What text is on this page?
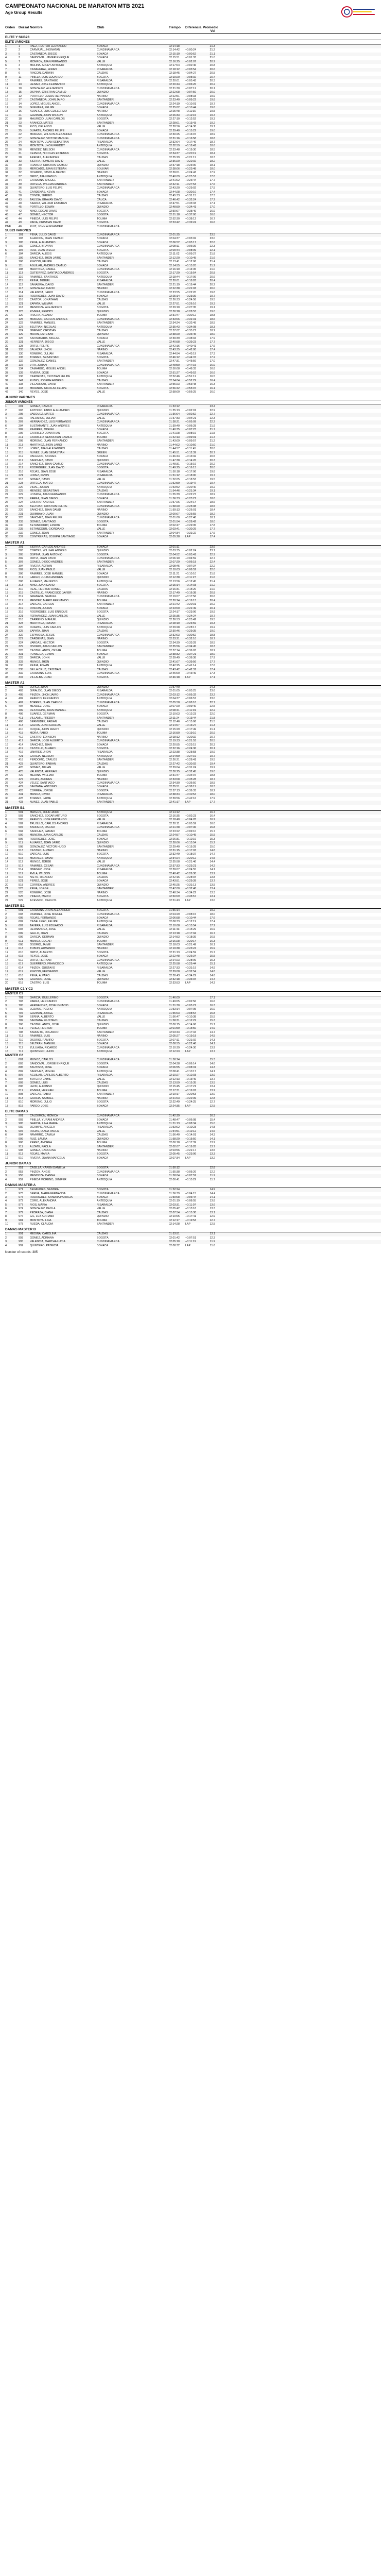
CAMPEONATO NACIONAL DE MARATON MTB 2021
Age Group Results
Orden	Dorsal Nombre	Club	Tiempo	Diferencia Promedio Vel
ELITE Y SUB23
ELITE VARONES
1	1	PAEZ, HECTOR LEONARDO	BOYACA	02:14:18	21.3
2	2	CARVAJAL, JHONATAN	CUNDINAMARCA	02:14:42	+0:00:24	21.2
3	5	CASTAÑEDA, DIEGO	BOYACA	02:15:10	+0:00:52	21.1
4	3	SANDOVAL, JAVIER ENRIQUE	BOYACA	02:15:51	+0:01:33	21.0
5	7	MONROY, JUAN FERNANDO	VALLE	02:16:25	+0:02:07	20.9
6	4	MOLINA, ARLEY ANTONIO	ANTIOQUIA	02:17:04	+0:02:46	20.8
7	9	CAÑAVERAL, HIRAN	RISARALDA	02:18:12	+0:03:54	20.6
8	6	RINCON, DARWIN	CALDAS	02:18:45	+0:04:27	20.5
9	11	PINILLA, LUIS EDUARDO	BOGOTA	02:19:20	+0:05:02	20.4
10	8	RAMIREZ, SANTIAGO	RISARALDA	02:20:01	+0:05:43	20.3
11	13	HENAO, JOSE FERNANDO	ANTIOQUIA	02:20:44	+0:06:26	20.2
12	10	GONZALEZ, ALEJANDRO	CUNDINAMARCA	02:21:30	+0:07:12	20.1
13	15	OSPINA, CRISTIAN CAMILO	QUINDIO	02:22:08	+0:07:50	20.0
14	12	PORTILLO, JESUS HERNANDO	NARIÑO	02:22:51	+0:08:33	19.9
15	17	CASTAÑEDA, JOHN JAIRO	SANTANDER	02:23:40	+0:09:22	19.8
16	14	LOPEZ, MIGUEL ANGEL	CUNDINAMARCA	02:24:19	+0:10:01	19.7
17	19	GUEVARA, FELIPE	BOYACA	02:25:02	+0:10:44	19.6
18	16	ALVAREZ, LUIS GUILLERMO	NARIÑO	02:25:48	+0:11:30	19.5
19	21	GUZMAN, JOHN WILSON	ANTIOQUIA	02:26:33	+0:12:15	19.4
20	18	MAURICIO, JUAN CARLOS	BOGOTA	02:27:10	+0:12:52	19.3
21	23	ARANGO, MATEO	SANTANDER	02:28:01	+0:13:43	19.2
22	20	RIOS, ORLANDO	VALLE	02:28:56	+0:14:38	19.1
23	25	DUARTE, ANDRES FELIPE	BOYACA	02:29:40	+0:15:22	19.0
24	22	MORENO, WILSON ALEXANDER	CUNDINAMARCA	02:30:25	+0:16:07	18.9
25	27	GONZALEZ, VICTOR MANUEL	CUNDINAMARCA	02:31:16	+0:16:58	18.8
26	24	MONTOYA, JUAN SEBASTIAN	RISARALDA	02:32:04	+0:17:46	18.7
27	29	MONTOYA, JHON FREDDY	ANTIOQUIA	02:32:59	+0:18:41	18.6
28	26	MENDEZ, NELSON	CUNDINAMARCA	02:33:48	+0:19:30	18.5
29	31	CEPEDA, NICOLAS ESTEBAN	BOGOTA	02:34:37	+0:20:19	18.4
30	28	ARENAS, ALEXANDER	CALDAS	02:35:29	+0:21:11	18.3
31	33	SIERRA, ROMERO DAVID	VALLE	02:36:20	+0:22:02	18.2
32	30	FRANCO, CRISTIAN CAMILO	QUINDIO	02:37:18	+0:23:00	18.1
33	35	MERCADO, JUAN ESTEBAN	BOLIVAR	02:38:06	+0:23:48	18.0
34	32	OCAMPO, DAVID ALBERTO	NARIÑO	02:39:01	+0:24:43	17.9
35	37	OROZ, JUAN PABLO	ANTIOQUIA	02:40:09	+0:25:51	17.8
36	34	CARDONA, MIGUEL	SANTANDER	02:41:02	+0:26:44	17.7
37	39	ORTEGA, WILLIAM ANDRES	SANTANDER	02:42:11	+0:27:53	17.6
38	36	QUINTERO, LUIS FELIPE	CUNDINAMARCA	02:43:20	+0:29:02	17.5
39	41	CARDENAS, KEVIN	BOYACA	02:44:28	+0:30:10	17.4
40	38	CONDE, SERGIO	CALDAS	02:45:33	+0:31:15	17.3
41	43	TAUSSA, BRAYAN DAVID	CAUCA	02:46:42	+0:32:24	17.2
42	40	SIERRA, WILLIAM ESTEBAN	RISARALDA	02:47:51	+0:33:33	17.1
43	45	PORTILLO, EDWIN	QUINDIO	02:48:59	+0:34:41	17.0
44	42	NIÑO, EDGAR DAVID	BOGOTA	02:50:07	+0:35:49	16.9
45	47	GOMEZ, HECTOR	BOGOTA	02:51:18	+0:37:00	16.8
46	44	PINEDA, LUIS FELIPE	TOLIMA	02:52:30	+0:38:12	16.7
47	49	PAIVA, CRISTIAN DAVID	BOGOTA	02:53:42	+0:39:24	16.6
DNF	46	RUIZ, JOHN ALEXANDER	CUNDINAMARCA
SUB23 VARONES
1	101	PEÑA, JULIO DAVID	CUNDINAMARCA	02:01:35	23.5
2	103	ALARCON, JUAN CAMILO	BOYACA	02:04:37	+0:03:02	23.0
3	105	PEÑA, ALEJANDRO	BOYACA	02:06:52	+0:05:17	22.6
4	102	GOMEZ, BRAYAN	CUNDINAMARCA	02:08:11	+0:06:36	22.3
5	107	RUIZ, JUAN DIEGO	BOGOTA	02:09:44	+0:08:09	22.1
6	104	GARCIA, ALEXIS	ANTIOQUIA	02:11:02	+0:09:27	21.8
7	109	SANCHEZ, JHON JAIRO	SANTANDER	02:12:20	+0:10:45	21.6
8	106	RINCON, FELIPE	CALDAS	02:13:41	+0:12:06	21.4
9	111	AGUILAR, ANDRES CAMILO	BOYACA	02:14:55	+0:13:20	21.2
10	108	MARTINEZ, DANIEL	CUNDINAMARCA	02:16:10	+0:14:35	21.0
11	113	GUTIERREZ, SANTIAGO ANDRES	BOGOTA	02:17:29	+0:15:54	20.8
12	110	RAMIREZ, SANTIAGO	ANTIOQUIA	02:18:44	+0:17:09	20.6
13	115	REINA, MIGUEL	RISARALDA	02:20:01	+0:18:26	20.4
14	112	SANABRIA, DAVID	SANTANDER	02:21:19	+0:19:44	20.2
15	117	GONZALEZ, DAVID	NARIÑO	02:22:38	+0:21:03	20.0
16	114	VALENCIA, JAIRO	CUNDINAMARCA	02:23:55	+0:22:20	19.8
17	119	RODRIGUEZ, JUAN DAVID	BOYACA	02:25:14	+0:23:39	19.7
18	116	CANTOR, JONATHAN	CALDAS	02:26:33	+0:24:58	19.5
19	121	ZAPATA, WILMAR	VALLE	02:27:51	+0:26:16	19.3
20	118	MENDOZA, ALEJANDRO	BOGOTA	02:29:10	+0:27:35	19.1
21	123	RIVERA, FREDDY	QUINDIO	02:30:28	+0:28:53	19.0
22	120	RIVERA, ALVARO	TOLIMA	02:31:47	+0:30:12	18.8
23	125	MORENO, CARLOS ANDRES	CUNDINAMARCA	02:33:06	+0:31:31	18.6
24	122	RAMIREZ, MANUEL	SANTANDER	02:34:24	+0:32:49	18.5
25	127	BELTRAN, NICOLAS	ANTIOQUIA	02:35:43	+0:34:08	18.3
26	124	JIMENEZ, CRISTIAN	CALDAS	02:37:02	+0:35:27	18.2
27	129	MARIN, ESTEBAN	QUINDIO	02:38:20	+0:36:45	18.0
28	126	SANTAMARIA, MIGUEL	BOYACA	02:39:39	+0:38:04	17.9
29	131	HERRERA, DIEGO	VALLE	02:40:58	+0:39:23	17.7
30	128	ORTIZ, FELIPE	CUNDINAMARCA	02:42:16	+0:40:41	17.6
31	133	SALAZAR, JHON	NARIÑO	02:43:35	+0:42:00	17.4
32	130	ROMERO, JULIAN	RISARALDA	02:44:54	+0:43:19	17.3
33	135	TORRES, SEBASTIAN	BOGOTA	02:46:12	+0:44:37	17.2
34	132	GONZALEZ, DANIEL	SANTANDER	02:47:31	+0:45:56	17.0
35	137	VITA, JOHAN	CUNDINAMARCA	02:48:50	+0:47:15	16.9
36	134	CAMARGO, MIGUEL ANGEL	TOLIMA	02:50:08	+0:48:33	16.8
37	139	RIVERA, JOSE	BOYACA	02:51:27	+0:49:52	16.6
38	136	CARDENAS, CRISTIAN FELIPE	ANTIOQUIA	02:52:46	+0:51:11	16.5
39	141	RUBIO, JOSEPH ANDRES	CALDAS	02:54:04	+0:52:29	16.4
40	138	VILLAMIZAR, DAVID	SANTANDER	02:55:23	+0:53:48	16.3
41	143	MIRANDA, NICOLAS FELIPE	BOGOTA	02:56:42	+0:55:07	16.1
42	140	REYES, JOSE	VALLE	02:58:00	+0:56:25	16.0
JUNIOR VARONES
JUNIOR VARONES
1	201	GOMEZ, CAMILO	RISARALDA	01:33:12	23.4
2	203	ANTONIO, FABIO ALEJANDRO	QUINDIO	01:35:13	+0:02:01	22.9
3	205	VASQUEZ, MATEO	CUNDINAMARCA	01:36:04	+0:02:52	22.7
4	202	PALOMINO, JULIAN	VALLE	01:37:33	+0:04:21	22.3
5	207	HERNANDEZ, LUIS FERNANDO	CUNDINAMARCA	01:38:21	+0:05:09	22.2
6	204	BUSTAMANTE, JUAN ANDRES	ANTIOQUIA	01:39:40	+0:06:28	21.9
7	209	RAMIREZ, MIGUEL	BOYACA	01:40:35	+0:07:23	21.7
8	206	CARRILLO, JONATHAN	BOGOTA	01:41:28	+0:08:16	21.5
9	211	CARRILLO, SEBASTIAN CAMILO	TOLIMA	01:42:13	+0:09:01	21.4
10	208	MORENO, JUAN FERNANDO	SANTANDER	01:43:09	+0:09:57	21.2
11	213	MARTINEZ, JHON JAIRO	NARIÑO	01:44:02	+0:10:50	21.0
12	210	LOPEZ, JUAN ALEJANDRO	CALDAS	01:44:57	+0:11:45	20.8
13	215	NUÑEZ, JUAN SEBASTIAN	GREEN	01:45:51	+0:12:39	20.7
14	212	PACHECO, ANDRES	BOYACA	01:46:44	+0:13:32	20.5
15	217	SANCHEZ, DAVID	QUINDIO	01:47:38	+0:14:26	20.3
16	214	SANCHEZ, JUAN CAMILO	CUNDINAMARCA	01:48:31	+0:15:19	20.2
17	219	RODRIGUEZ, JUAN DAVID	BOGOTA	01:49:25	+0:16:13	20.0
18	216	ROJAS, JUAN JOSE	RISARALDA	01:50:18	+0:17:06	19.8
19	221	LOPEZ, KEVIN	RISARALDA	01:51:12	+0:18:00	19.7
20	218	GOMEZ, DAVID	VALLE	01:52:05	+0:18:53	19.5
21	223	ORTEGA, MATEO	CUNDINAMARCA	01:52:59	+0:19:47	19.4
22	220	VIDAL, JULIAN	ANTIOQUIA	01:53:52	+0:20:40	19.2
23	225	MENDEZ, SEBASTIAN	CALDAS	01:54:46	+0:21:34	19.1
24	222	LOZADA, JUAN FERNANDO	CUNDINAMARCA	01:55:39	+0:22:27	18.9
25	227	PARRA, JUAN DIEGO	BOYACA	01:56:33	+0:23:21	18.8
26	224	CASTRO, ANDRES	SANTANDER	01:57:26	+0:24:14	18.6
27	229	BELTRAN, CRISTIAN FELIPE	CUNDINAMARCA	01:58:20	+0:25:08	18.5
28	226	SANCHEZ, JUAN DAVID	NARIÑO	01:59:13	+0:26:01	18.4
29	231	QUIMBAYO, JUAN	QUINDIO	02:00:07	+0:26:55	18.2
30	228	SANCHEZ, JUAN FELIPE	CUNDINAMARCA	02:01:00	+0:27:48	18.1
31	233	GOMEZ, SANTIAGO	BOGOTA	02:01:54	+0:28:42	18.0
32	230	BETANCOURT, EDWAR	TOLIMA	02:02:47	+0:29:35	17.8
33	235	BETANCOUR, GIORDANO	VALLE	02:03:41	+0:30:29	17.7
34	232	GOMEZ, JOAN	SANTANDER	02:04:34	+0:31:22	17.6
35	237	CONTRERAS, JOSEPH SANTIAGO	BOYACA	02:05:28	LAP	17.4
MASTER A1
1	301	SIERRA, CARLOS ANDRES	BOYACA	02:01:11	23.6
2	303	CORTES, WILLIAM ANDRES	QUINDIO	02:03:35	+0:02:24	23.1
3	305	OSPINA, JUAN ANTONIO	BOGOTA	02:04:52	+0:03:41	22.9
4	302	ORTIZ, JUAN DAVID	CUNDINAMARCA	02:06:10	+0:04:59	22.7
5	307	GOMEZ, DIEGO ANDRES	SANTANDER	02:07:29	+0:06:18	22.4
6	304	RIVERA, ADRIAN	RISARALDA	02:08:45	+0:07:34	22.2
7	309	RIOS, JUAN PABLO	VALLE	02:10:03	+0:08:52	22.0
8	306	RAMIREZ, JOSE MANUEL	BOYACA	02:11:21	+0:10:10	21.8
9	311	LARGO, JULIAN ANDRES	QUINDIO	02:12:38	+0:11:27	21.6
10	308	ALVAREZ, MAURICIO	ANTIOQUIA	02:13:56	+0:12:45	21.4
11	313	NIÑO, JUAN DAVID	BOGOTA	02:15:14	+0:14:03	21.2
12	310	REAL, HECTOR DANIEL	CALDAS	02:16:31	+0:15:20	21.0
13	315	CASTILLO, FRANCISCO JAVIER	NARIÑO	02:17:49	+0:16:38	20.8
14	312	GRANADA, SAMUEL	CUNDINAMARCA	02:19:07	+0:17:56	20.6
15	317	MENDEZ, MARIO FERNANDO	TOLIMA	02:20:24	+0:19:13	20.4
16	314	VARGAS, CARLOS	SANTANDER	02:21:42	+0:20:31	20.2
17	319	RINCON, JULIAN	BOYACA	02:23:00	+0:21:49	20.1
18	316	RODRIGUEZ, LUIS ENRIQUE	BOGOTA	02:24:17	+0:23:06	19.9
19	321	FERNANDEZ, JUAN CARLOS	VALLE	02:25:35	+0:24:24	19.7
20	318	CARREÑO, MANUEL	QUINDIO	02:26:53	+0:25:42	19.5
21	323	MARTINEZ, FABIAN	RISARALDA	02:28:10	+0:26:59	19.3
22	320	DUARTE, LUIS CARLOS	ANTIOQUIA	02:29:28	+0:28:17	19.2
23	325	ZAPATA, JUAN	CALDAS	02:30:46	+0:29:35	19.0
24	322	ESPINOSA, JESUS	CUNDINAMARCA	02:32:03	+0:30:52	18.8
25	327	CARDENAS, JUAN	NARIÑO	02:33:21	+0:32:10	18.7
26	324	VARGAS, HECTOR	BOGOTA	02:34:39	+0:33:28	18.5
27	329	OSORIO, JUAN CARLOS	SANTANDER	02:35:56	+0:34:45	18.3
28	326	CASTELLANOS, CESAR	TOLIMA	02:37:14	+0:36:03	18.2
29	331	FONSECA, EDWIN	BOYACA	02:38:32	+0:37:21	18.0
30	328	GARCIA, JOHN	VALLE	02:39:49	+0:38:38	17.9
31	333	MUÑOZ, JHON	QUINDIO	02:41:07	+0:39:56	17.7
32	330	REINA, EDWIN	ANTIOQUIA	02:42:25	+0:41:14	17.6
33	335	DE LA CRUZ, CRISTIAN	CALDAS	02:43:42	+0:42:31	17.4
34	332	CARDONA, LUIS	CUNDINAMARCA	02:45:00	+0:43:49	17.3
35	337	VILLALBA, JUAN	BOGOTA	02:46:18	LAP	17.1
MASTER A2
1	401	LOPEZ, JUAN	QUINDIO	01:57:40	24.3
2	403	GIRALDO, JUAN DIEGO	RISARALDA	02:01:05	+0:03:25	23.6
3	405	PINZON, JHON JAIRO	CUNDINAMARCA	02:03:12	+0:05:32	23.2
4	402	FRANCO, FERNANDO	ANTIOQUIA	02:04:37	+0:06:57	23.0
5	407	TORRES, JUAN CARLOS	CUNDINAMARCA	02:05:58	+0:08:18	22.7
6	404	MENDEZ, JOSE	BOYACA	02:07:20	+0:09:40	22.5
7	409	RESTREPO, JUAN MANUEL	ANTIOQUIA	02:08:41	+0:11:01	22.2
8	406	SUAREZ, GERMAN	BOGOTA	02:10:03	+0:12:23	22.0
9	411	VILLAMIL, FREDDY	SANTANDER	02:11:24	+0:13:44	21.8
10	408	BERMUDEZ, FABIAN	CALDAS	02:12:46	+0:15:06	21.5
11	413	GALVIS, JUAN CARLOS	VALLE	02:14:07	+0:16:27	21.3
12	410	DUQUE, JHON FREDY	QUINDIO	02:15:29	+0:17:49	21.1
13	415	MORA, FABIO	TOLIMA	02:16:50	+0:19:10	20.9
14	412	CASTRO, EDINSON	NARIÑO	02:18:12	+0:20:32	20.7
15	417	GARCIA, JOSE ALBERTO	CUNDINAMARCA	02:19:33	+0:21:53	20.5
16	414	SANCHEZ, JUAN	BOYACA	02:20:55	+0:23:15	20.3
17	419	CASTILLO, ALVARO	BOGOTA	02:22:16	+0:24:36	20.1
18	416	LINARES, JHON	RISARALDA	02:23:38	+0:25:58	19.9
19	421	GARCIA, NELSON	ANTIOQUIA	02:24:59	+0:27:19	19.7
20	418	PERDOMO, CARLOS	SANTANDER	02:26:21	+0:28:41	19.5
21	423	QUINTERO, FABIAN	CALDAS	02:27:42	+0:30:02	19.4
22	420	GOMEZ, JULIAN	VALLE	02:29:04	+0:31:24	19.2
23	425	VALENCIA, HERNAN	QUINDIO	02:30:25	+0:32:45	19.0
24	422	MEDINA, WILLIAM	TOLIMA	02:31:47	+0:34:07	18.8
25	427	ROJAS, ANDRES	NARIÑO	02:33:08	+0:35:28	18.7
26	424	VELEZ, SANTIAGO	CUNDINAMARCA	02:34:30	+0:36:50	18.5
27	429	SANTANA, ANTONIO	BOYACA	02:35:51	+0:38:11	18.3
28	426	CORREA, JORGE	BOGOTA	02:37:13	+0:39:33	18.2
29	431	MUÑOZ, DAVID	RISARALDA	02:38:34	+0:40:54	18.0
30	428	TORRES, JAIME	ANTIOQUIA	02:39:56	+0:42:16	17.9
31	433	NUÑEZ, JUAN PABLO	SANTANDER	02:41:17	LAP	17.7
MASTER B1
1	501	MATEUS, JOHN JAIRO	ANTIOQUIA	02:14:12	16.7
2	503	SANCHEZ, EDGAR ARTURO	BOGOTA	02:16:35	+0:02:23	16.4
3	505	FRANCO, JOSE FERNANDO	VALLE	02:18:40	+0:04:28	16.2
4	502	TRUJILLO, CARLOS ANDRES	RISARALDA	02:20:11	+0:05:59	16.0
5	507	BARRERA, OSCAR	CUNDINAMARCA	02:21:48	+0:07:36	15.8
6	504	SANCHEZ, FABIAN	TOLIMA	02:23:22	+0:09:10	15.7
7	509	MUNERA, JUAN CARLOS	CALDAS	02:24:57	+0:10:45	15.5
8	506	RODRIGUEZ, JOSE	BOYACA	02:26:31	+0:12:19	15.3
9	511	ALVAREZ, JOHN JAIRO	QUINDIO	02:28:06	+0:13:54	15.2
10	508	GONZALEZ, VICTOR HUGO	SANTANDER	02:29:40	+0:15:28	15.0
11	513	CASTRO, ALVARO	NARIÑO	02:31:15	+0:17:03	14.8
12	510	VARGAS, LUIS	BOGOTA	02:32:49	+0:18:37	14.7
13	515	MORALES, OMAR	ANTIOQUIA	02:34:24	+0:20:12	14.5
14	512	MUÑOZ, JORGE	VALLE	02:35:58	+0:21:46	14.4
15	517	RAMIREZ, CESAR	CUNDINAMARCA	02:37:33	+0:23:21	14.2
16	514	JIMENEZ, JOSE	RISARALDA	02:39:07	+0:24:55	14.1
17	519	AVILA, WILSON	TOLIMA	02:40:42	+0:26:30	13.9
18	516	NIETO, RICARDO	CALDAS	02:42:16	+0:28:04	13.8
19	521	PEREZ, JOSE	BOYACA	02:43:51	+0:29:39	13.7
20	518	CORREA, ANDRES	QUINDIO	02:45:25	+0:31:13	13.5
21	523	PEÑA, JORGE	SANTANDER	02:47:00	+0:32:48	13.4
22	520	ROMERO, JOSE	NARIÑO	02:48:34	+0:34:22	13.3
23	525	PINEDA, MARIO	BOGOTA	02:50:09	+0:35:57	13.1
24	522	ACEVEDO, CARLOS	ANTIOQUIA	02:51:43	LAP	13.0
MASTER B2
1	601	CARDONA, JHON ALEXANDER	BOGOTA	01:56:14	19.2
2	603	RAMIREZ, JOSE MIGUEL	CUNDINAMARCA	02:04:29	+0:08:15	18.0
3	605	ROJAS, FERNANDO	BOYACA	02:06:58	+0:10:44	17.6
4	602	CABALLERO, FELIPE	ANTIOQUIA	02:08:33	+0:12:19	17.4
5	607	TAVERA, LUIS EDUARDO	RISARALDA	02:10:08	+0:13:54	17.2
6	604	HERNANDEZ, JOSE	VALLE	02:11:43	+0:15:29	16.9
7	609	GALLO, JUAN	CALDAS	02:13:18	+0:17:04	16.7
8	606	GARCIA, GERMAN	QUINDIO	02:14:53	+0:18:39	16.5
9	611	MUÑOZ, EDGAR	TOLIMA	02:16:28	+0:20:14	16.3
10	608	OSORIO, JAIME	SANTANDER	02:18:03	+0:21:49	16.1
11	613	TOBON, ARMANDO	NARIÑO	02:19:38	+0:23:24	15.9
12	610	ORTIZ, ALBERTO	BOGOTA	02:21:13	+0:24:59	15.7
13	615	REYES, JOSE	BOYACA	02:22:48	+0:26:34	15.5
14	612	ORTIZ, HERNAN	CUNDINAMARCA	02:24:23	+0:28:09	15.3
15	617	GUERRERO, FRANCISCO	ANTIOQUIA	02:25:58	+0:29:44	15.1
16	614	PINZON, GUSTAVO	RISARALDA	02:27:33	+0:31:19	14.9
17	619	RINCON, FERNANDO	VALLE	02:29:08	+0:32:54	14.8
18	616	PEÑA, ALVARO	CALDAS	02:30:43	+0:34:29	14.6
19	621	GALINDO, JOSE	QUINDIO	02:32:18	+0:36:04	14.4
20	618	CASTRO, LUIS	TOLIMA	02:33:53	LAP	14.3
MASTER C1 Y C2
MASTER C1
1	701	GARCIA, GUILLERMO	BOGOTA	01:46:09	17.1
2	703	PARRA, HERNANDO	CUNDINAMARCA	01:49:05	+0:02:56	16.6
3	705	HERNANDEZ, JOSE IGNACIO	BOYACA	01:51:30	+0:05:21	16.3
4	702	LOZANO, PEDRO	ANTIOQUIA	01:53:14	+0:07:05	16.0
5	707	GUZMAN, JORGE	RISARALDA	01:55:03	+0:08:54	15.8
6	704	SERNA, ALBERTO	VALLE	01:56:47	+0:10:38	15.5
7	709	SANTANA, GUSTAVO	CALDAS	01:58:31	+0:12:22	15.3
8	706	CASTELLANOS, JOSE	QUINDIO	02:00:15	+0:14:06	15.1
9	711	PEREZ, HECTOR	TOLIMA	02:01:59	+0:15:50	14.9
10	708	BARRETO, ORLANDO	SANTANDER	02:03:43	+0:17:34	14.7
11	713	RAMIREZ, LUIS	NARIÑO	02:05:27	+0:19:18	14.5
12	710	OSORIO, RAMIRO	BOGOTA	02:07:11	+0:21:02	14.3
13	715	BELTRAN, MANUEL	BOYACA	02:08:55	+0:22:46	14.1
14	712	ZULUAGA, RICARDO	CUNDINAMARCA	02:10:39	+0:24:30	13.9
15	717	QUINTERO, JHON	ANTIOQUIA	02:12:23	LAP	13.7
MASTER C2
1	801	MUÑOZ, CARLOS	CUNDINAMARCA	01:58:24	15.3
2	803	SANDOVAL, JORGE ENRIQUE	BOGOTA	02:04:38	+0:06:14	14.6
3	805	BAUTISTA, JOSE	BOYACA	02:06:55	+0:08:31	14.3
4	802	SANCHEZ, MIGUEL	ANTIOQUIA	02:08:41	+0:10:17	14.1
5	807	AGUILAR, CARLOS ALBERTO	RISARALDA	02:10:27	+0:12:03	13.9
6	804	BOTERO, JAIME	VALLE	02:12:13	+0:13:49	13.7
7	809	GOMEZ, LUIS	CALDAS	02:13:59	+0:15:35	13.5
8	806	LEON, ALFONSO	QUINDIO	02:15:45	+0:17:21	13.4
9	811	RIVERA, HERNAN	TOLIMA	02:17:31	+0:19:07	13.2
10	808	VARGAS, FABIO	SANTANDER	02:19:17	+0:20:53	13.0
11	813	GARCIA, SAMUEL	NARIÑO	02:21:03	+0:22:39	12.8
12	810	MORENO, JULIO	BOGOTA	02:22:49	+0:24:25	12.7
13	815	PARDO, JOSE	BOYACA	02:24:35	LAP	12.5
ELITE DAMAS
1	901	CALDERON, MONICA	CUNDINAMARCA	01:42:39	16.3
2	903	PINILLA, YURANI ANDREA	BOYACA	01:48:47	+0:06:08	15.4
3	905	GARCIA, LINA MARIA	ANTIOQUIA	01:51:13	+0:08:34	15.0
4	902	OCAMPO, ANGELA	RISARALDA	01:53:02	+0:10:23	14.8
5	907	ROJAS, DIANA PAOLA	VALLE	01:54:51	+0:12:12	14.6
6	904	NAVARRO, CAMILA	CALDAS	01:56:40	+0:14:01	14.3
7	909	RUIZ, LAURA	QUINDIO	01:58:29	+0:15:50	14.1
8	906	PEREZ, ANDREA	TOLIMA	02:00:18	+0:17:39	13.9
9	911	ALZATE, PAOLA	SANTANDER	02:02:07	+0:19:28	13.7
10	908	GOMEZ, CAROLINA	NARIÑO	02:03:56	+0:21:17	13.5
11	913	ROJAS, MARIA	BOGOTA	02:05:45	+0:23:06	13.3
12	910	RIVERA, JUANA MARCELA	BOYACA	02:07:34	LAP	13.2
JUNIOR DAMAS
1	951	CASILLA, KAREN DANIELA	BOGOTA	01:50:12	12.8
2	953	PINZON, ANGIE	CUNDINAMARCA	01:55:38	+0:05:26	12.2
3	955	MENDOZA, DANNA	BOYACA	01:58:04	+0:07:52	11.9
4	952	PINEDA MORENO, JENIFER	ANTIOQUIA	02:00:41	+0:10:29	11.7
DAMAS MASTER A
1	971	BENAVIDES, SANDRA	BOGOTA	01:52:24	14.9
2	973	SERNA, MARIA FERNANDA	CUNDINAMARCA	01:56:39	+0:04:15	14.4
3	975	RODRIGUEZ, SANDRA PATRICIA	BOYACA	01:59:08	+0:06:44	14.1
4	972	CORO, ALEXANDRA	ANTIOQUIA	02:01:19	+0:08:55	13.8
5	977	RIOS, MARIA	RISARALDA	02:03:31	+0:11:07	13.6
6	974	GONZALEZ, PAOLA	VALLE	02:05:42	+0:13:18	13.3
7	979	PEDRAZA, DIANA	CALDAS	02:07:54	+0:15:30	13.1
8	976	GIL, LUZ ADRIANA	QUINDIO	02:10:05	+0:17:41	12.9
9	981	MONTOYA, LINA	TOLIMA	02:12:17	+0:19:53	12.7
10	978	RUEDA, CLAUDIA	SANTANDER	02:14:28	LAP	12.5
DAMAS MASTER B
1	991	MEDINA, CAROLINA	CALDAS	01:53:51	13.1
2	993	GOMEZ, ADRIANA	BOGOTA	02:01:42	+0:07:51	12.3
3	995	VALENCIA, MARTHA LUCIA	CUNDINAMARCA	02:05:10	+0:11:19	11.9
4	992	QUINTERO, PATRICIA	BOYACA	02:08:32	LAP	11.6
Number of records: 385
